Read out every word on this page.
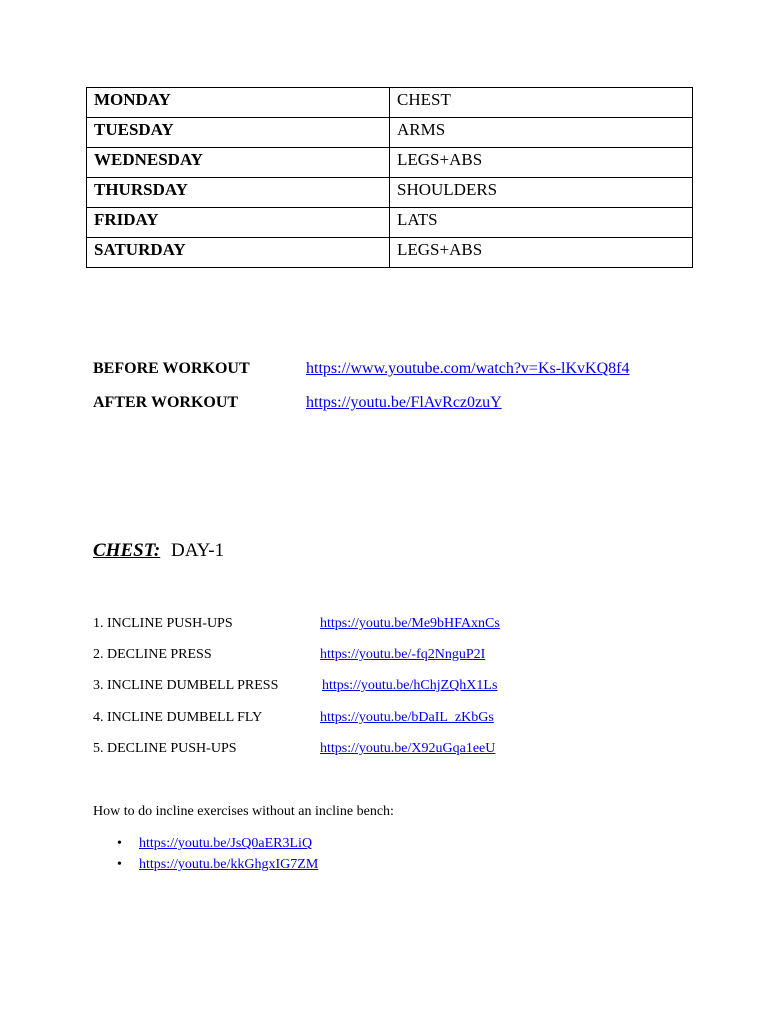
MONDAY	CHEST
TUESDAY	ARMS
WEDNESDAY	LEGS+ABS
THURSDAY	SHOULDERS
FRIDAY	LATS
SATURDAY	LEGS+ABS
BEFORE WORKOUT	https://www.youtube.com/watch?v=Ks-lKvKQ8f4
AFTER WORKOUT	https://youtu.be/FlAvRcz0zuY
CHEST: DAY-1
1. INCLINE PUSH-UPS	https://youtu.be/Me9bHFAxnCs
2. DECLINE PRESS	https://youtu.be/-fq2NnguP2I
3. INCLINE DUMBELL PRESS	https://youtu.be/hChjZQhX1Ls
4. INCLINE DUMBELL FLY	https://youtu.be/bDaIL_zKbGs
5. DECLINE PUSH-UPS	https://youtu.be/X92uGqa1eeU
How to do incline exercises without an incline bench:
• https://youtu.be/JsQ0aER3LiQ
• https://youtu.be/kkGhgxIG7ZM
